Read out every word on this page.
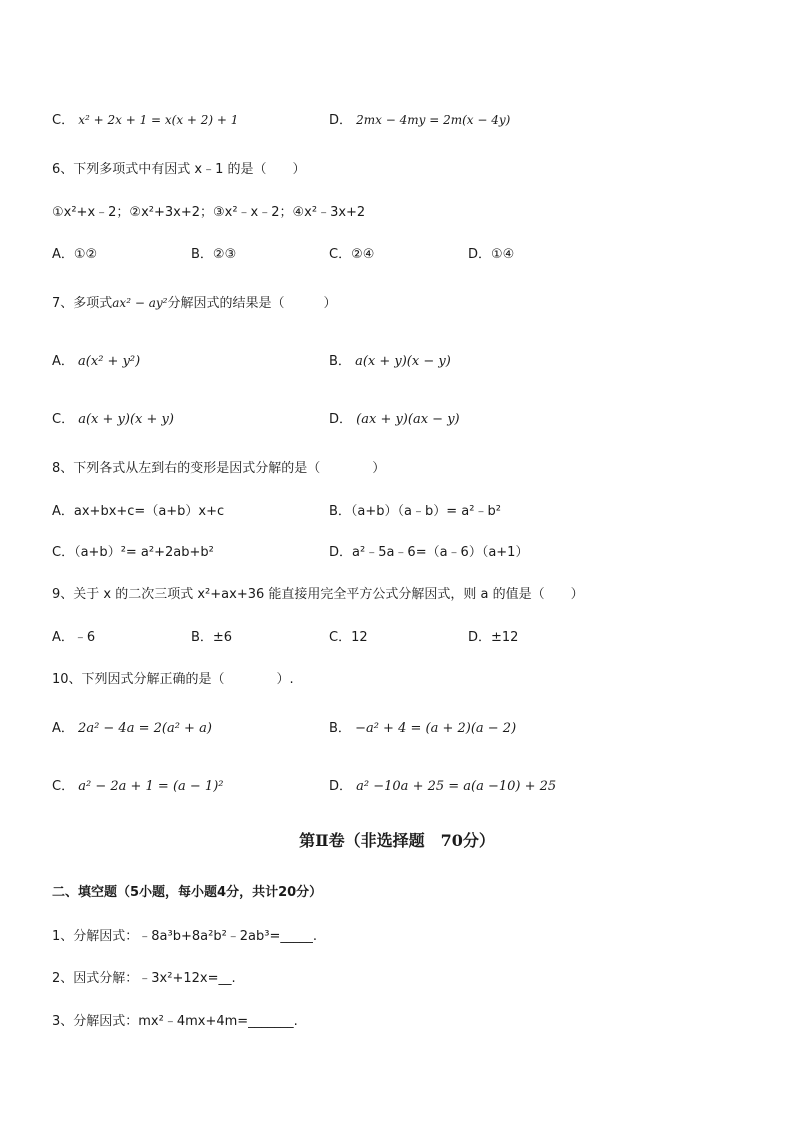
C． x² + 2x + 1 = x(x + 2) + 1	D． 2mx − 4my = 2m(x − 4y)
6、下列多项式中有因式 x﹣1 的是（　　）
①x²+x﹣2；②x²+3x+2；③x²﹣x﹣2；④x²﹣3x+2
A．①②	B．②③	C．②④	D．①④
7、多项式ax² − ay²分解因式的结果是（　　　）
A． a(x² + y²)	B． a(x + y)(x − y)
C． a(x + y)(x + y)	D． (ax + y)(ax − y)
8、下列各式从左到右的变形是因式分解的是（　　　　）
A．ax+bx+c=（a+b）x+c	B．（a+b）（a﹣b）= a²﹣b²
C．（a+b）²= a²+2ab+b²	D．a²﹣5a﹣6=（a﹣6）（a+1）
9、关于 x 的二次三项式 x²+ax+36 能直接用完全平方公式分解因式，则 a 的值是（　　）
A．﹣6	B．±6	C．12	D．±12
10、下列因式分解正确的是（　　　　）.
A． 2a² − 4a = 2(a² + a)	B． −a² + 4 = (a + 2)(a − 2)
C． a² − 2a + 1 = (a − 1)²	D． a² −10a + 25 = a(a −10) + 25
第Ⅱ卷（非选择题　70分）
二、填空题（5小题，每小题4分，共计20分）
1、分解因式：﹣8a³b+8a²b²﹣2ab³=_____.
2、因式分解：﹣3x²+12x=__.
3、分解因式：mx²﹣4mx+4m=_______.
